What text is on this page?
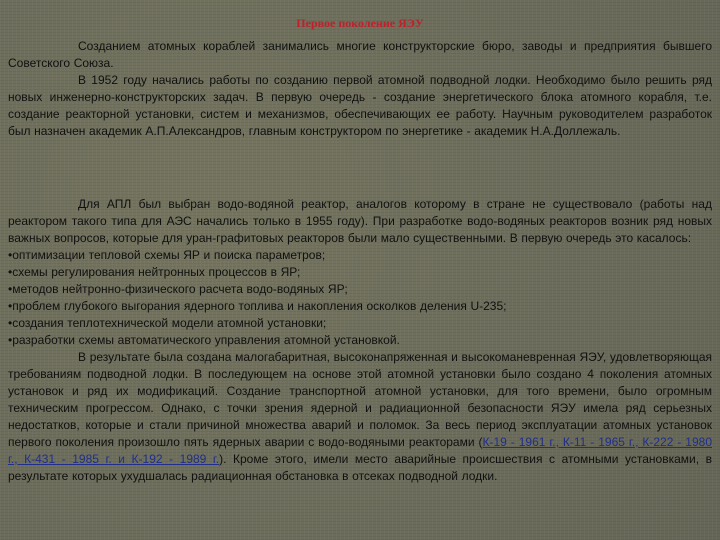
Первое поколение ЯЭУ

Созданием атомных кораблей занимались многие конструкторские бюро, заводы и предприятия бывшего Советского Союза.

В 1952 году начались работы по созданию первой атомной подводной лодки. Необходимо было решить ряд новых инженерно-конструкторских задач. В первую очередь - создание энергетического блока атомного корабля, т.е. создание реакторной установки, систем и механизмов, обеспечивающих ее работу. Научным руководителем разработок был назначен академик А.П.Александров, главным конструктором по энергетике - академик Н.А.Доллежаль.

Для АПЛ был выбран водо-водяной реактор, аналогов которому в стране не существовало (работы над реактором такого типа для АЭС начались только в 1955 году). При разработке водо-водяных реакторов возник ряд новых важных вопросов, которые для уран-графитовых реакторов были мало существенными. В первую очередь это касалось:

•оптимизации тепловой схемы ЯР и поиска параметров;

•схемы регулирования нейтронных процессов в ЯР;

•методов нейтронно-физического расчета водо-водяных ЯР;

•проблем глубокого выгорания ядерного топлива и накопления осколков деления U-235;

•создания теплотехнической модели атомной установки;

•разработки схемы автоматического управления атомной установкой.

В результате была создана малогабаритная, высоконапряженная и высокоманевренная ЯЭУ, удовлетворяющая требованиям подводной лодки. В последующем на основе этой атомной установки было создано 4 поколения атомных установок и ряд их модификаций. Создание транспортной атомной установки, для того времени, было огромным техническим прогрессом. Однако, с точки зрения ядерной и радиационной безопасности ЯЭУ имела ряд серьезных недостатков, которые и стали причиной множества аварий и поломок. За весь период эксплуатации атомных установок первого поколения произошло пять ядерных аварии с водо-водяными реакторами (К-19 - 1961 г., К-11 - 1965 г., К-222 - 1980 г., К-431 - 1985 г. и К-192 - 1989 г.). Кроме этого, имели место аварийные происшествия с атомными установками, в результате которых ухудшалась радиационная обстановка в отсеках подводной лодки.
